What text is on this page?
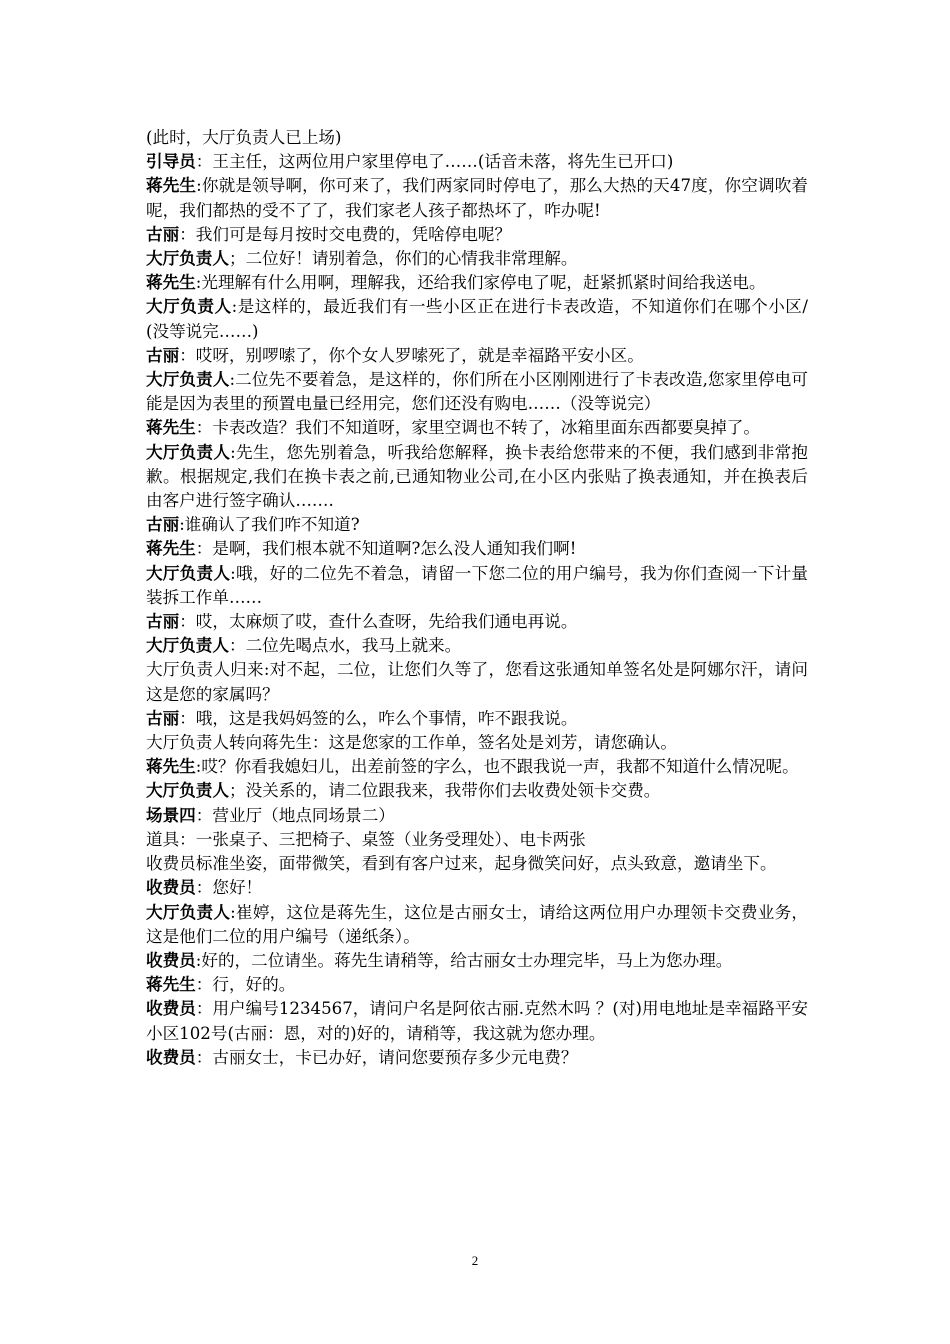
(此时，大厅负责人已上场)

引导员：王主任，这两位用户家里停电了……(话音未落，将先生已开口)

蒋先生:你就是领导啊，你可来了，我们两家同时停电了，那么大热的天47度，你空调吹着呢，我们都热的受不了了，我们家老人孩子都热坏了，咋办呢!

古丽：我们可是每月按时交电费的，凭啥停电呢？

大厅负责人；二位好！请别着急，你们的心情我非常理解。

蒋先生:光理解有什么用啊，理解我，还给我们家停电了呢，赶紧抓紧时间给我送电。

大厅负责人:是这样的，最近我们有一些小区正在进行卡表改造，不知道你们在哪个小区/(没等说完……)

古丽：哎呀，别啰嗦了，你个女人罗嗦死了，就是幸福路平安小区。

大厅负责人:二位先不要着急，是这样的，你们所在小区刚刚进行了卡表改造,您家里停电可能是因为表里的预置电量已经用完，您们还没有购电……（没等说完）

蒋先生：卡表改造？我们不知道呀，家里空调也不转了，冰箱里面东西都要臭掉了。

大厅负责人:先生，您先别着急，听我给您解释，换卡表给您带来的不便，我们感到非常抱歉。根据规定,我们在换卡表之前,已通知物业公司,在小区内张贴了换表通知，并在换表后由客户进行签字确认…….

古丽:谁确认了我们咋不知道?

蒋先生：是啊，我们根本就不知道啊?怎么没人通知我们啊!

大厅负责人:哦，好的二位先不着急，请留一下您二位的用户编号，我为你们查阅一下计量装拆工作单……

古丽：哎，太麻烦了哎，查什么查呀，先给我们通电再说。

大厅负责人：二位先喝点水，我马上就来。

大厅负责人归来:对不起，二位，让您们久等了，您看这张通知单签名处是阿娜尔汗，请问这是您的家属吗？

古丽：哦，这是我妈妈签的么，咋么个事情，咋不跟我说。

大厅负责人转向蒋先生：这是您家的工作单，签名处是刘芳，请您确认。

蒋先生:哎？你看我媳妇儿，出差前签的字么，也不跟我说一声，我都不知道什么情况呢。

大厅负责人；没关系的，请二位跟我来，我带你们去收费处领卡交费。

场景四：营业厅（地点同场景二）

道具：一张桌子、三把椅子、桌签（业务受理处）、电卡两张

收费员标准坐姿，面带微笑，看到有客户过来，起身微笑问好，点头致意，邀请坐下。

收费员：您好！

大厅负责人:崔婷，这位是蒋先生，这位是古丽女士，请给这两位用户办理领卡交费业务，这是他们二位的用户编号（递纸条）。

收费员:好的，二位请坐。蒋先生请稍等，给古丽女士办理完毕，马上为您办理。

蒋先生：行，好的。

收费员：用户编号1234567，请问户名是阿依古丽.克然木吗 ？(对)用电地址是幸福路平安小区102号(古丽：恩，对的)好的，请稍等，我这就为您办理。

收费员：古丽女士，卡已办好，请问您要预存多少元电费？

2
